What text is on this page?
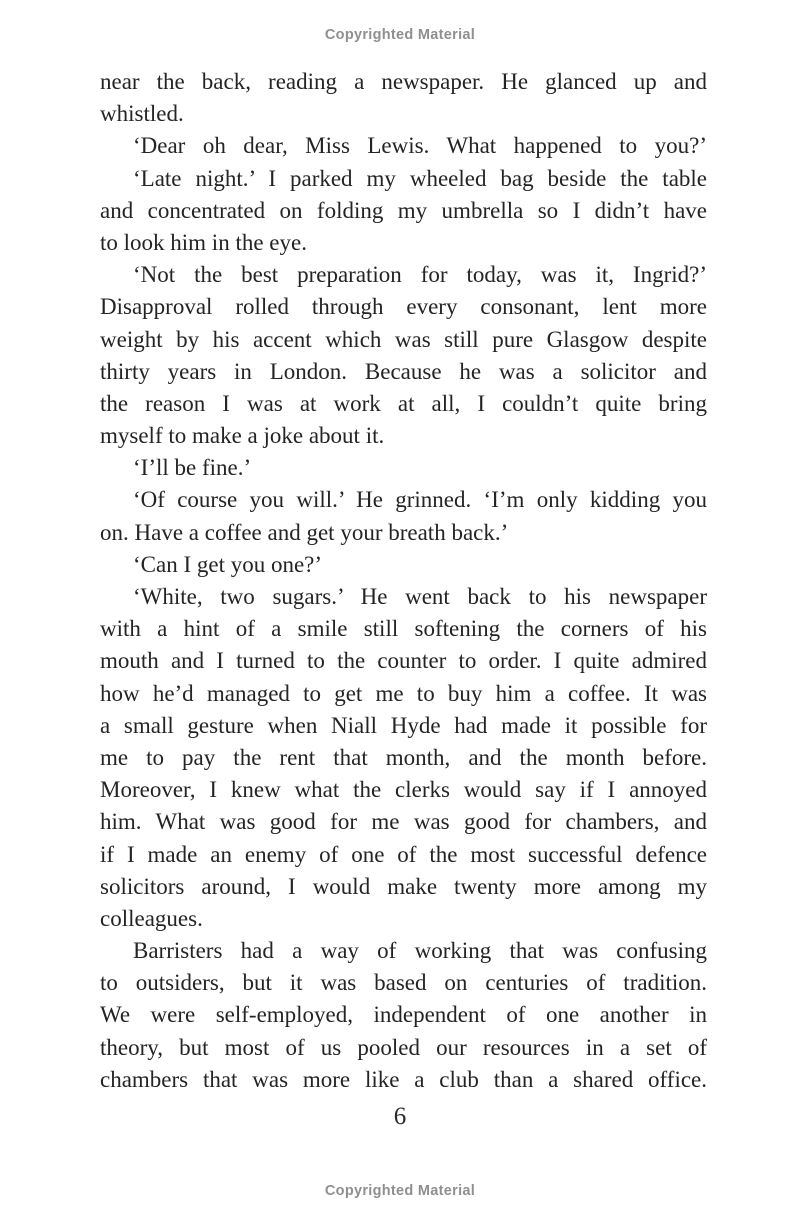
Copyrighted Material
near the back, reading a newspaper. He glanced up and
whistled.
‘Dear oh dear, Miss Lewis. What happened to you?’
‘Late night.’ I parked my wheeled bag beside the table
and concentrated on folding my umbrella so I didn’t have
to look him in the eye.
‘Not the best preparation for today, was it, Ingrid?’
Disapproval rolled through every consonant, lent more
weight by his accent which was still pure Glasgow despite
thirty years in London. Because he was a solicitor and
the reason I was at work at all, I couldn’t quite bring
myself to make a joke about it.
‘I’ll be fine.’
‘Of course you will.’ He grinned. ‘I’m only kidding you
on. Have a coffee and get your breath back.’
‘Can I get you one?’
‘White, two sugars.’ He went back to his newspaper
with a hint of a smile still softening the corners of his
mouth and I turned to the counter to order. I quite admired
how he’d managed to get me to buy him a coffee. It was
a small gesture when Niall Hyde had made it possible for
me to pay the rent that month, and the month before.
Moreover, I knew what the clerks would say if I annoyed
him. What was good for me was good for chambers, and
if I made an enemy of one of the most successful defence
solicitors around, I would make twenty more among my
colleagues.
Barristers had a way of working that was confusing
to outsiders, but it was based on centuries of tradition.
We were self-employed, independent of one another in
theory, but most of us pooled our resources in a set of
chambers that was more like a club than a shared office.
6
Copyrighted Material
